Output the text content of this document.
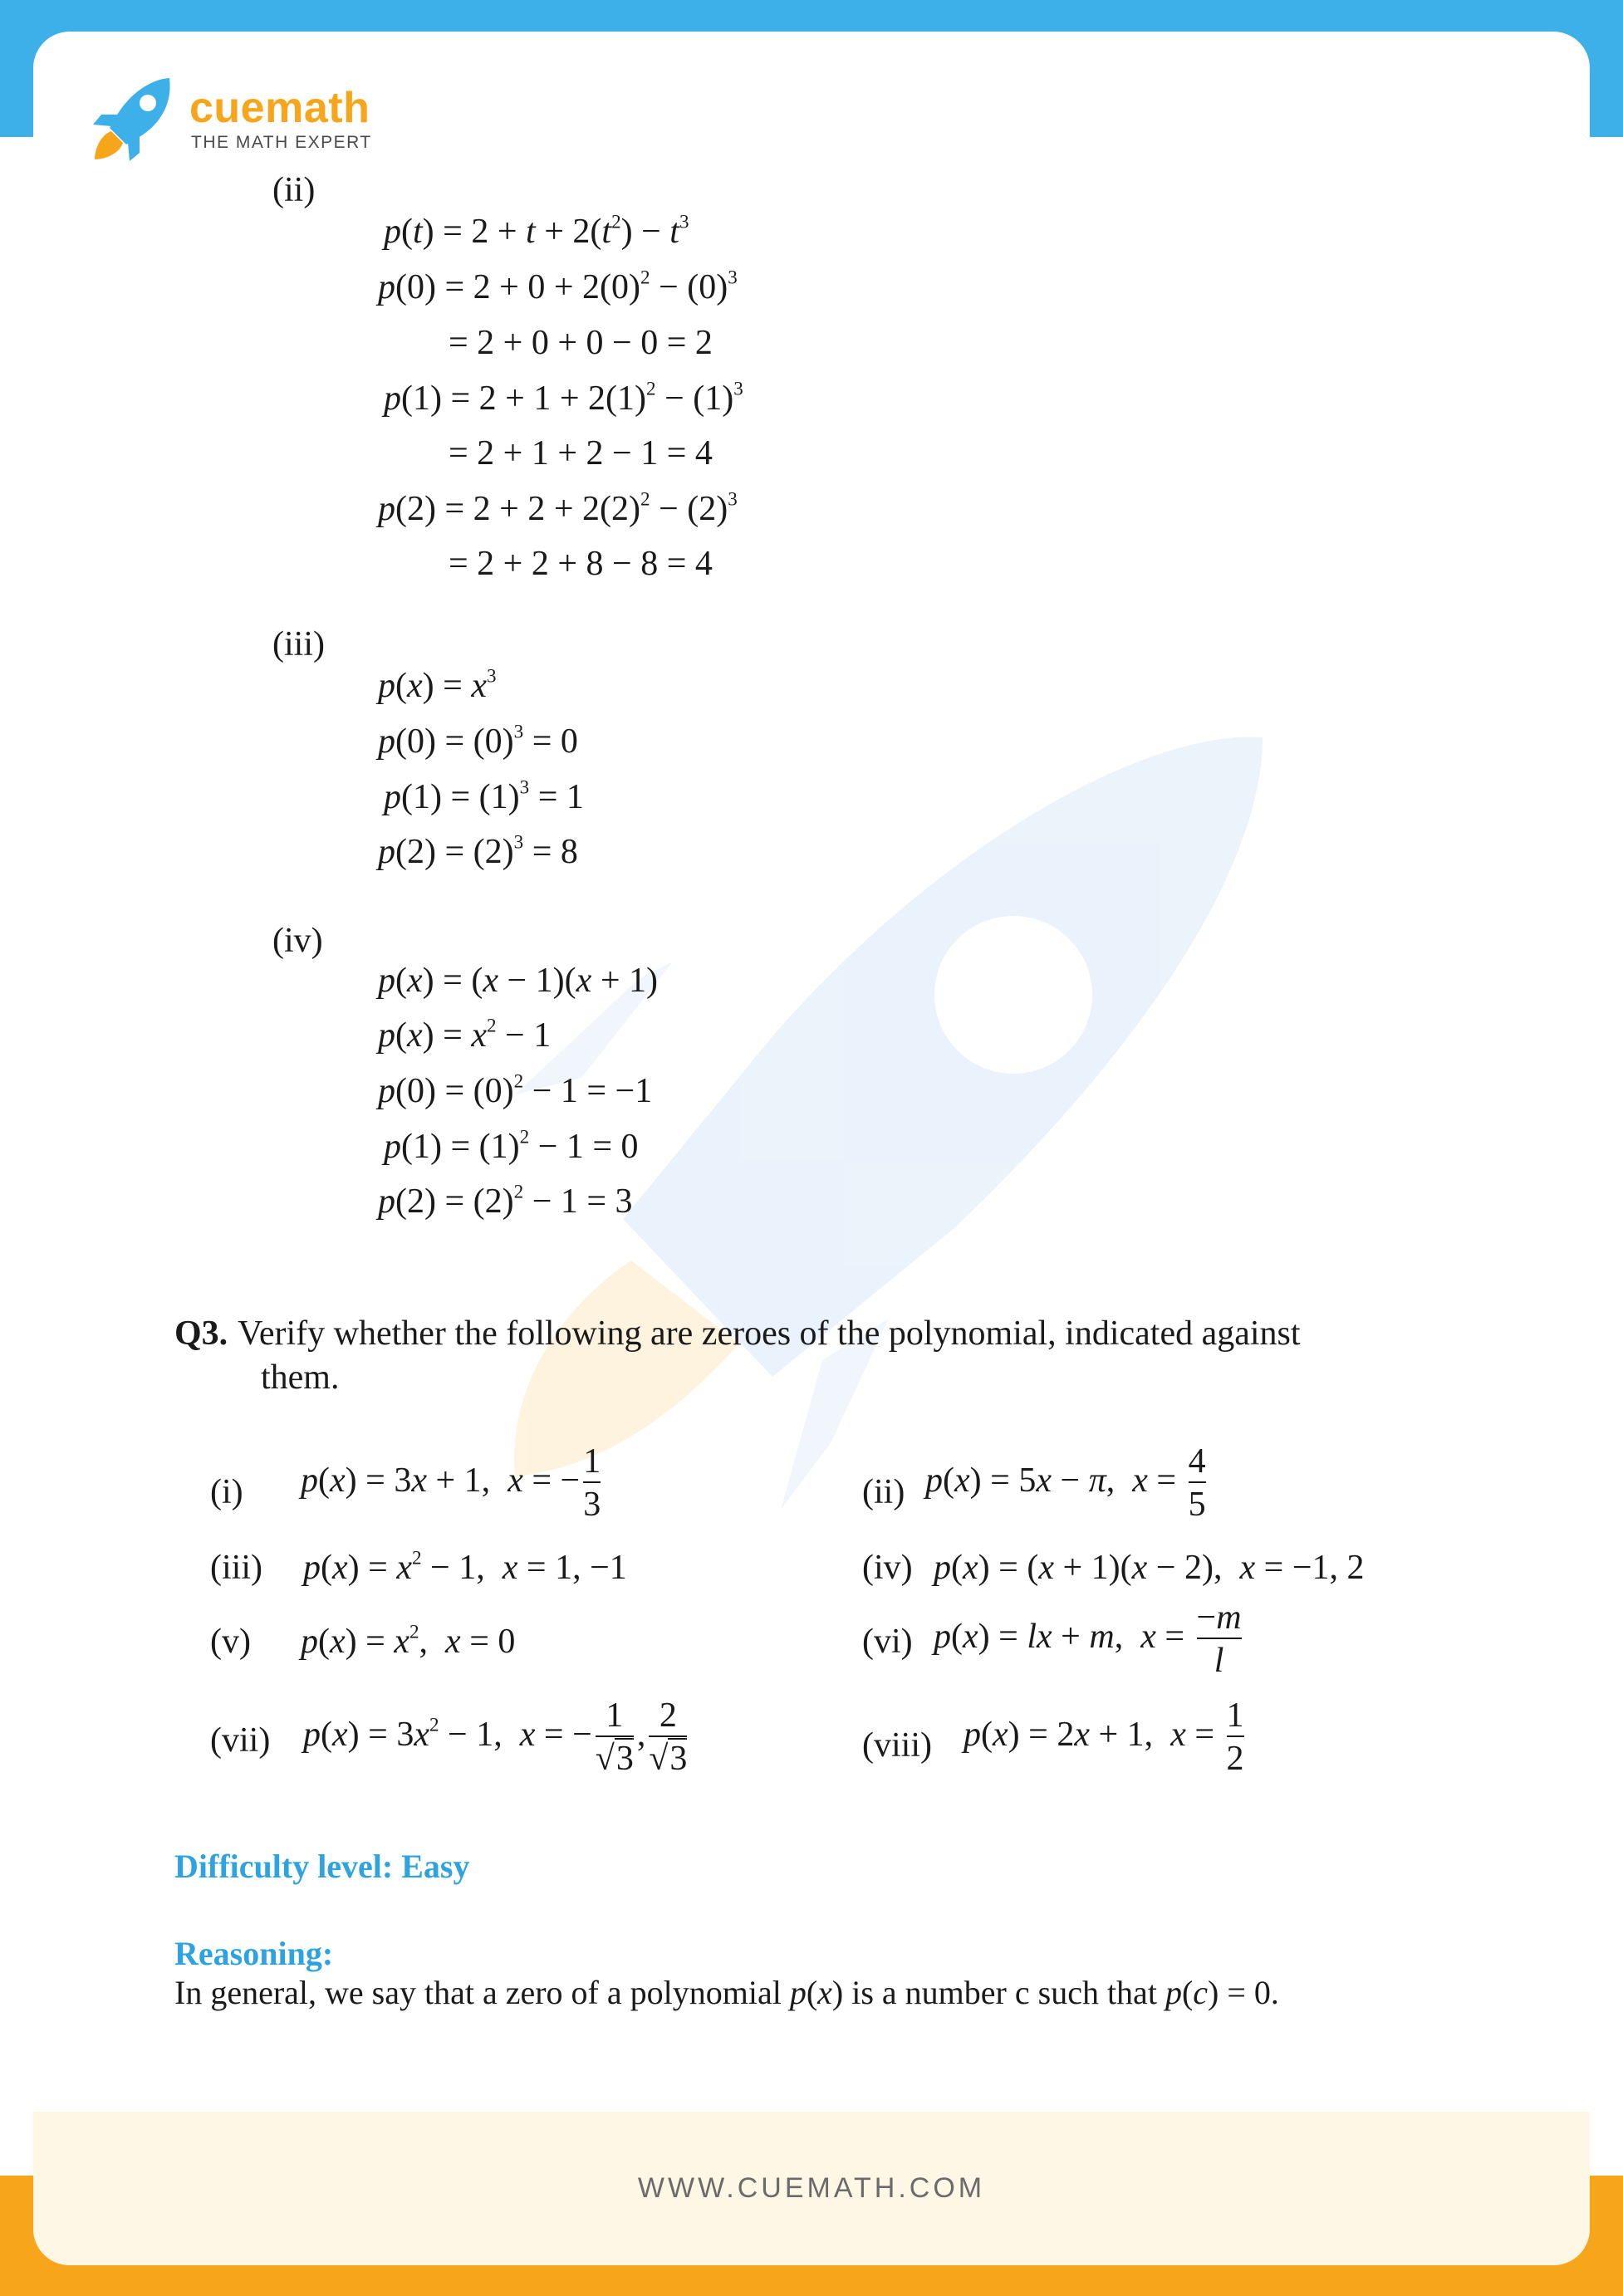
WWW.CUEMATH.COM
cuemath
THE MATH EXPERT
(ii)
$p(t) = 2 + t + 2(t^2) - t^3$
$p(0) = 2 + 0 + 2(0)^2 - (0)^3$
= 2 + 0 + 0 − 0 = 2
$p(1) = 2 + 1 + 2(1)^2 - (1)^3$
= 2 + 1 + 2 − 1 = 4
$p(2) = 2 + 2 + 2(2)^2 - (2)^3$
= 2 + 2 + 8 − 8 = 4
(iii)
$p(x) = x^3$
$p(0) = (0)^3 = 0$
$p(1) = (1)^3 = 1$
$p(2) = (2)^3 = 8$
(iv)
p(x) = (x − 1)(x + 1)
$p(x) = x^2 - 1$
$p(0) = (0)^2 - 1 = -1$
$p(1) = (1)^2 - 1 = 0$
$p(2) = (2)^2 - 1 = 3$
Q3. Verify whether the following are zeroes of the polynomial, indicated against
them.
(i) p(x) = 3x + 1,  x = − $\frac{1}{3}$
(iii) $p(x) = x^2 - 1$,  x = 1, −1
(v) $p(x) = x^2$,  x = 0
(vii) $p(x) = 3x^2 - 1$,  x = − $\frac{1}{√3}$ , $\frac{2}{√3}$
(ii) p(x) = 5x − π,  $x = \frac{4}{5}$
(iv) p(x) = (x + 1)(x − 2),  x = −1, 2
(vi) p(x) = lx + m,  $x = \frac{-m}{l}$
(viii) p(x) = 2x + 1,  $x = \frac{1}{2}$
Difficulty level: Easy
Reasoning:
In general, we say that a zero of a polynomial p(x) is a number c such that p(c) = 0.
